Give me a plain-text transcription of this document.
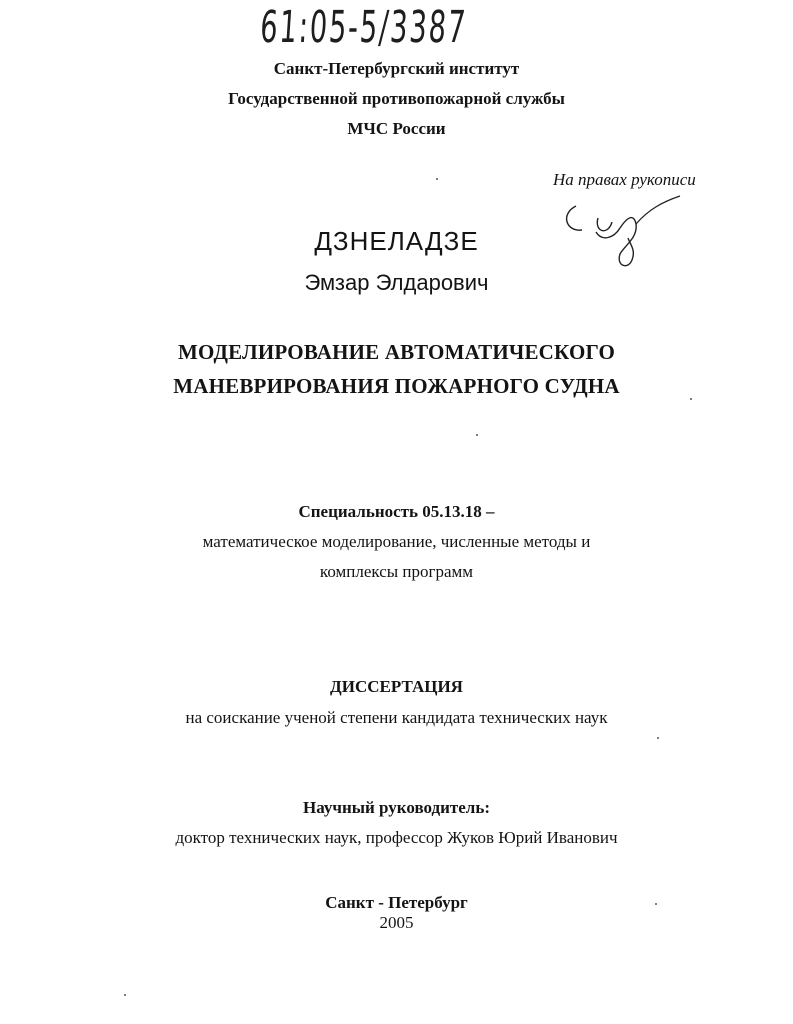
61:05-5/3387
Санкт-Петербургский институт
Государственной противопожарной службы
МЧС России
На правах рукописи
ДЗНЕЛАДЗЕ
Эмзар Элдарович
МОДЕЛИРОВАНИЕ АВТОМАТИЧЕСКОГО
МАНЕВРИРОВАНИЯ ПОЖАРНОГО СУДНА
Специальность 05.13.18 –
математическое моделирование, численные методы и
комплексы программ
ДИССЕРТАЦИЯ
на соискание ученой степени кандидата технических наук
Научный руководитель:
доктор технических наук, профессор Жуков Юрий Иванович
Санкт - Петербург
2005
